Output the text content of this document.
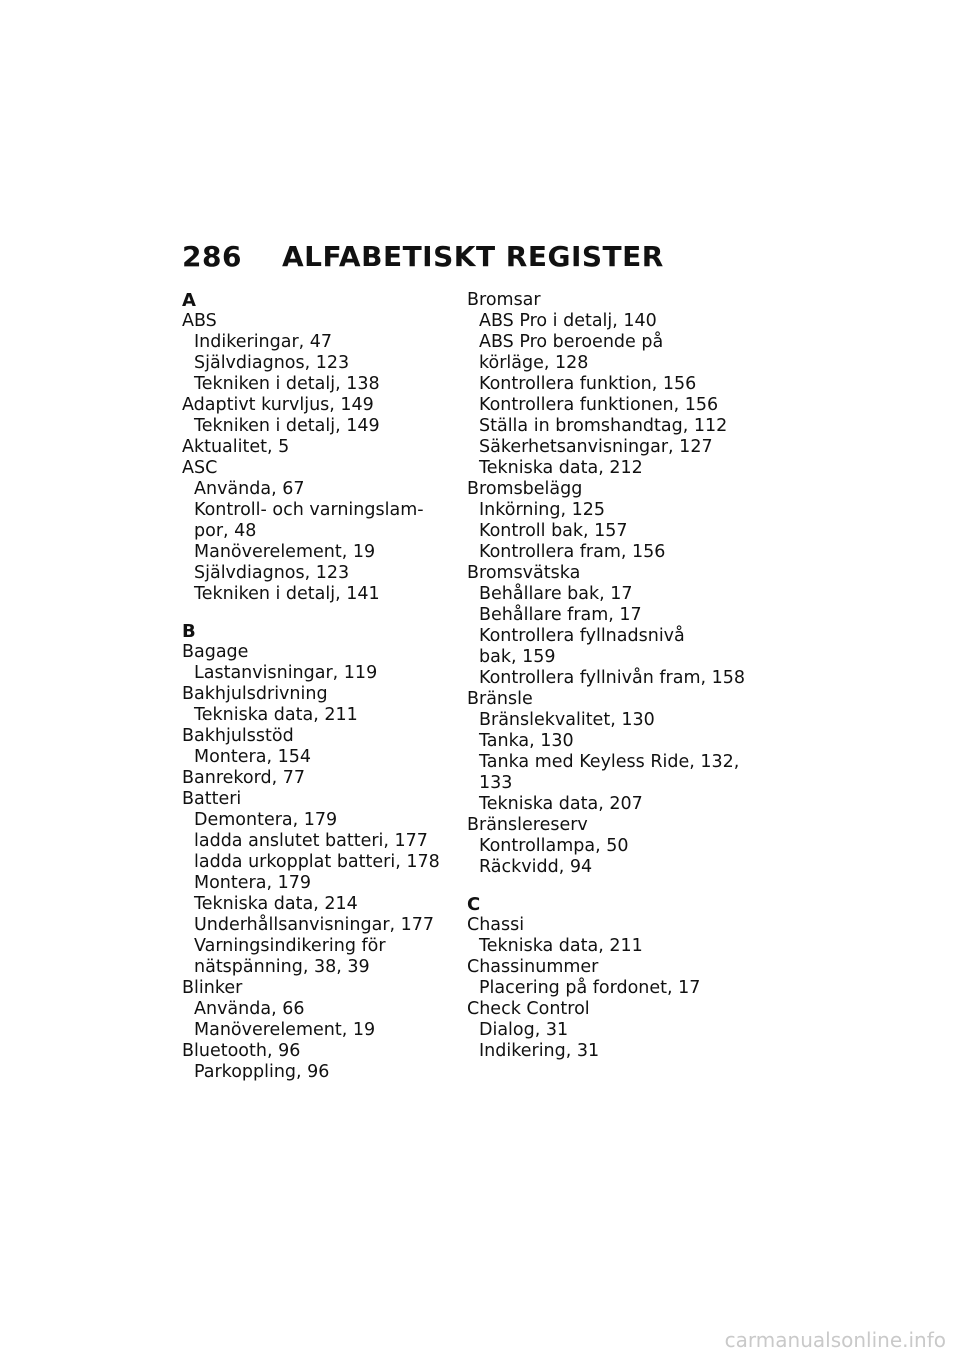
286	ALFABETISKT REGISTER
A
ABS
Indikeringar, 47
Självdiagnos, 123
Tekniken i detalj, 138
Adaptivt kurvljus, 149
Tekniken i detalj, 149
Aktualitet, 5
ASC
Använda, 67
Kontroll- och varningslam-
por, 48
Manöverelement, 19
Självdiagnos, 123
Tekniken i detalj, 141
B
Bagage
Lastanvisningar, 119
Bakhjulsdrivning
Tekniska data, 211
Bakhjulsstöd
Montera, 154
Banrekord, 77
Batteri
Demontera, 179
ladda anslutet batteri, 177
ladda urkopplat batteri, 178
Montera, 179
Tekniska data, 214
Underhållsanvisningar, 177
Varningsindikering för
nätspänning, 38, 39
Blinker
Använda, 66
Manöverelement, 19
Bluetooth, 96
Parkoppling, 96
Bromsar
ABS Pro i detalj, 140
ABS Pro beroende på
körläge, 128
Kontrollera funktion, 156
Kontrollera funktionen, 156
Ställa in bromshandtag, 112
Säkerhetsanvisningar, 127
Tekniska data, 212
Bromsbelägg
Inkörning, 125
Kontroll bak, 157
Kontrollera fram, 156
Bromsvätska
Behållare bak, 17
Behållare fram, 17
Kontrollera fyllnadsnivå
bak, 159
Kontrollera fyllnivån fram, 158
Bränsle
Bränslekvalitet, 130
Tanka, 130
Tanka med Keyless Ride, 132,
133
Tekniska data, 207
Bränslereserv
Kontrollampa, 50
Räckvidd, 94
C
Chassi
Tekniska data, 211
Chassinummer
Placering på fordonet, 17
Check Control
Dialog, 31
Indikering, 31
carmanualsonline.info
